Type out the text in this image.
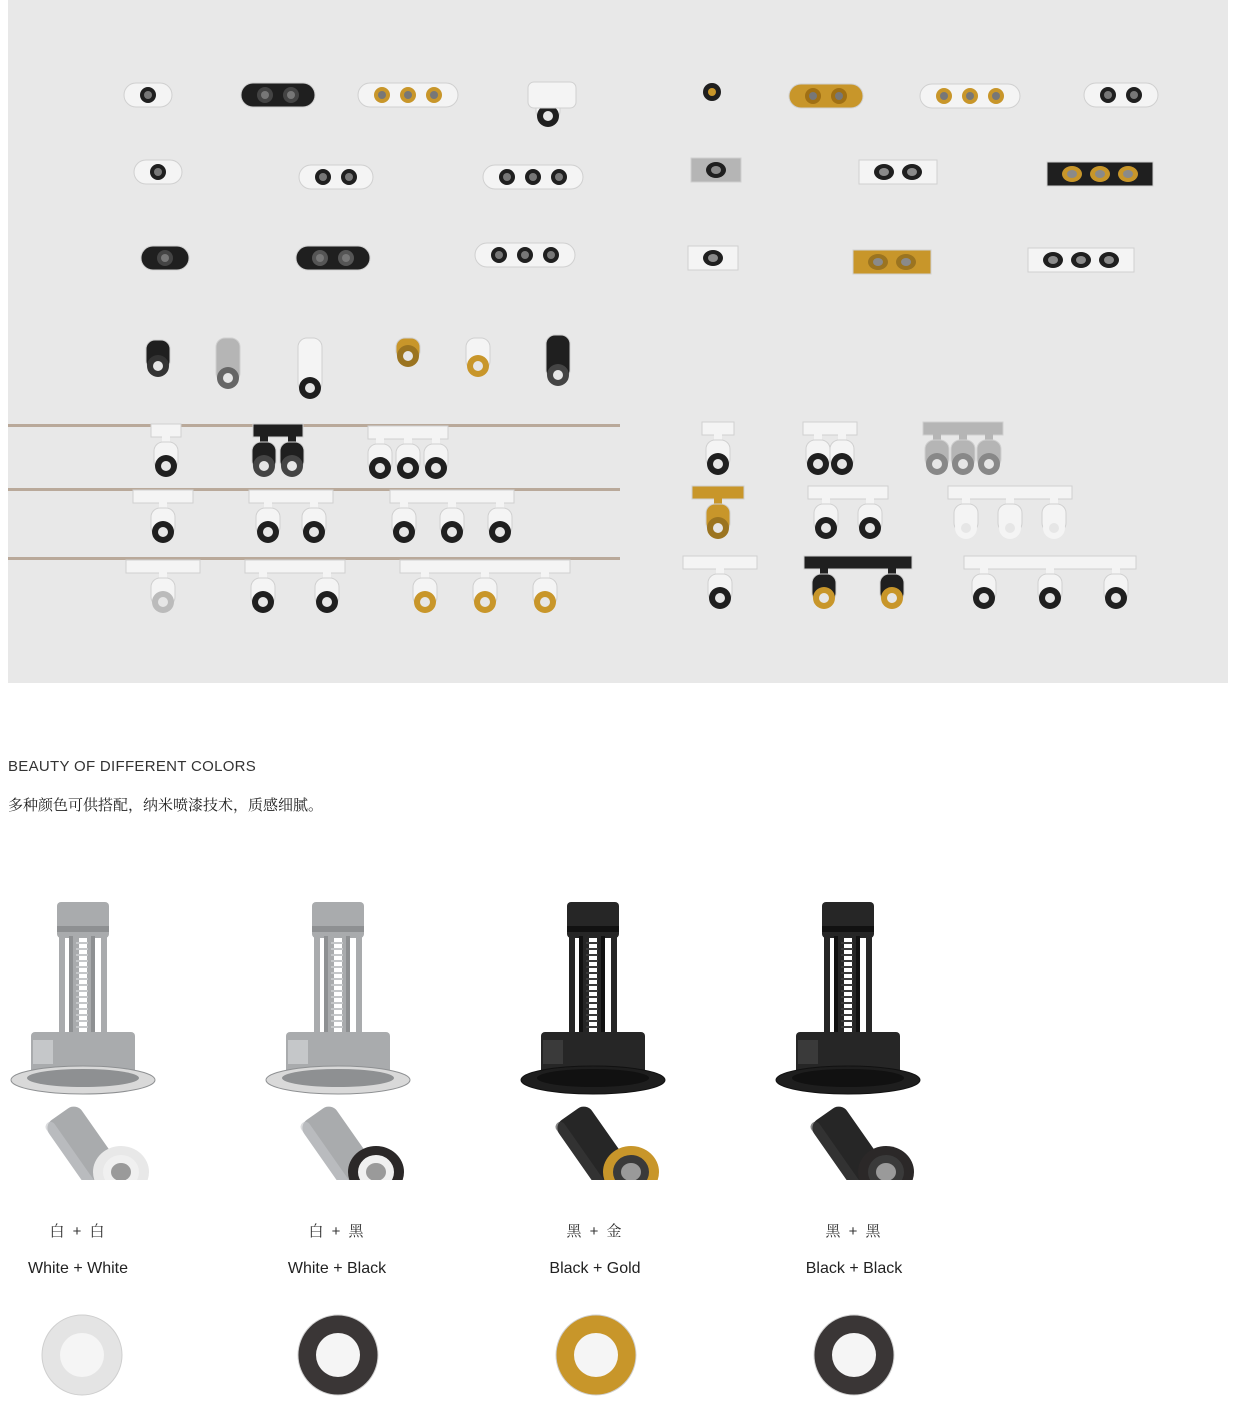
BEAUTY OF DIFFERENT COLORS
多种颜色可供搭配，纳米喷漆技术，质感细腻。
白 + 白
White + White
白 + 黑
White + Black
黑 + 金
Black + Gold
黑 + 黑
Black + Black
